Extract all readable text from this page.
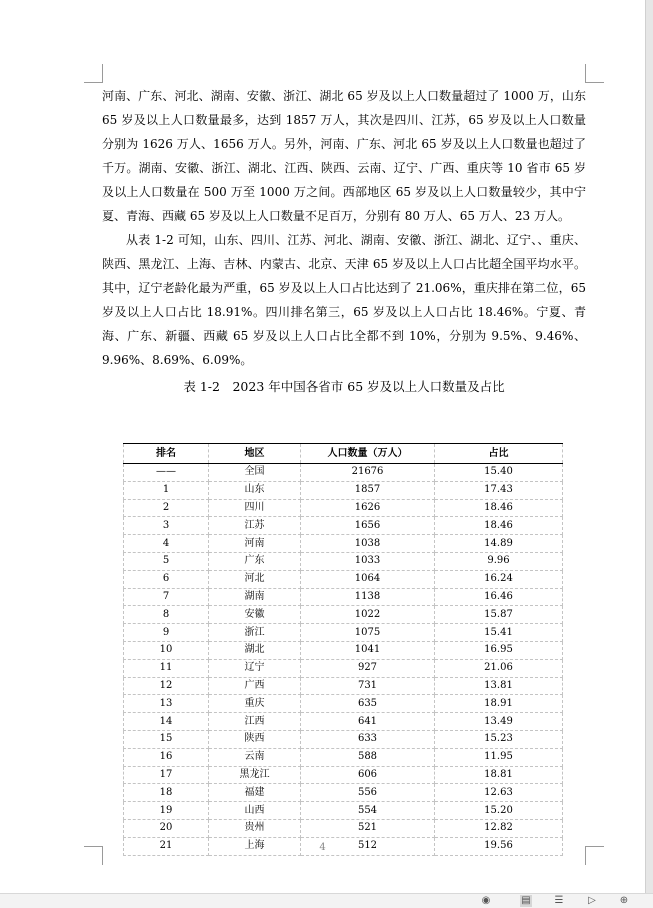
河南、广东、河北、湖南、安徽、浙江、湖北 65 岁及以上人口数量超过了 1000 万，山东 65 岁及以上人口数量最多，达到 1857 万人，其次是四川、江苏，65 岁及以上人口数量分别为 1626 万人、1656 万人。另外，河南、广东、河北 65 岁及以上人口数量也超过了千万。湖南、安徽、浙江、湖北、江西、陕西、云南、辽宁、广西、重庆等 10 省市 65 岁及以上人口数量在 500 万至 1000 万之间。西部地区 65 岁及以上人口数量较少，其中宁夏、青海、西藏 65 岁及以上人口数量不足百万，分别有 80 万人、65 万人、23 万人。

从表 1-2 可知，山东、四川、江苏、河北、湖南、安徽、浙江、湖北、辽宁、、重庆、陕西、黑龙江、上海、吉林、内蒙古、北京、天津 65 岁及以上人口占比超全国平均水平。其中，辽宁老龄化最为严重，65 岁及以上人口占比达到了 21.06%，重庆排在第二位，65 岁及以上人口占比 18.91%。四川排名第三，65 岁及以上人口占比 18.46%。宁夏、青海、广东、新疆、西藏 65 岁及以上人口占比全都不到 10%，分别为 9.5%、9.46%、9.96%、8.69%、6.09%。

表 1-2　2023 年中国各省市 65 岁及以上人口数量及占比

排名	地区	人口数量（万人）	占比
——	全国	21676	15.40
1	山东	1857	17.43
2	四川	1626	18.46
3	江苏	1656	18.46
4	河南	1038	14.89
5	广东	1033	9.96
6	河北	1064	16.24
7	湖南	1138	16.46
8	安徽	1022	15.87
9	浙江	1075	15.41
10	湖北	1041	16.95
11	辽宁	927	21.06
12	广西	731	13.81
13	重庆	635	18.91
14	江西	641	13.49
15	陕西	633	15.23
16	云南	588	11.95
17	黑龙江	606	18.81
18	福建	556	12.63
19	山西	554	15.20
20	贵州	521	12.82
21	上海	512	19.56
4
◉	▤ ☰ ▷ ⊕
